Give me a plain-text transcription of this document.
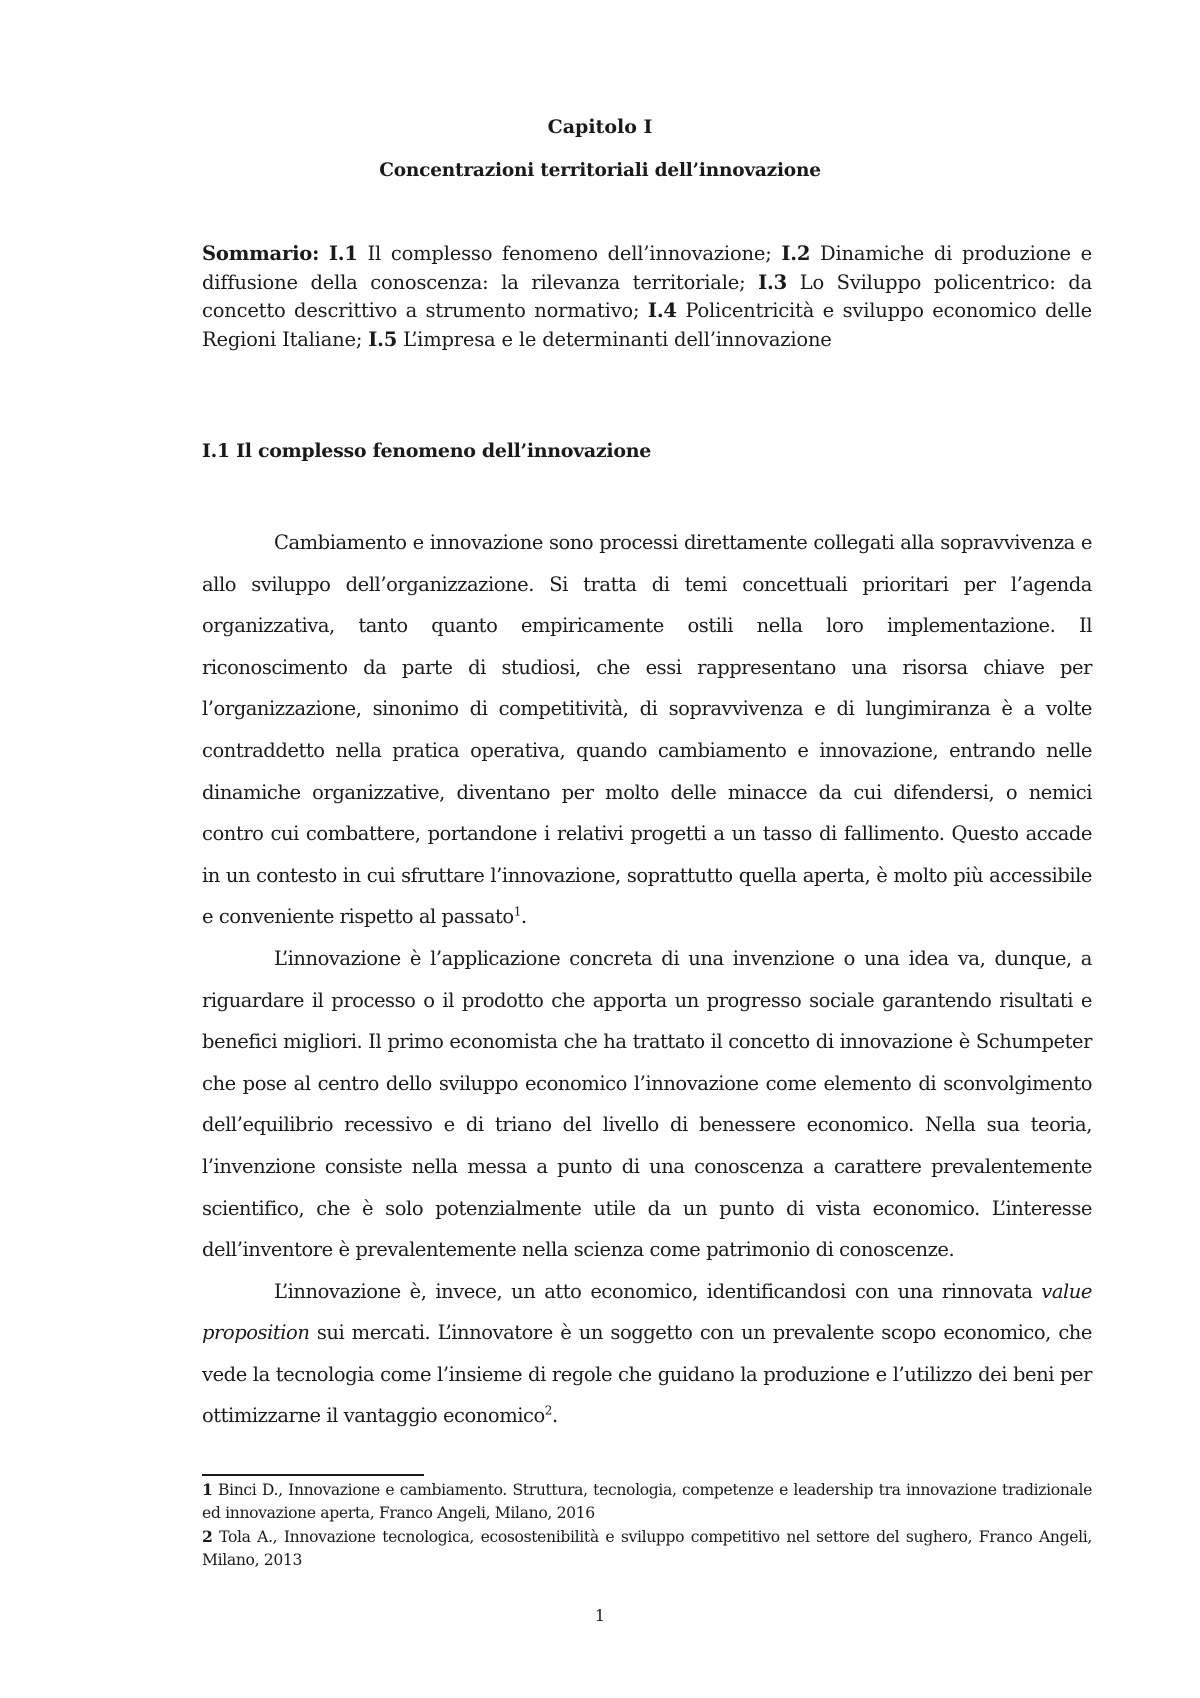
Capitolo I
Concentrazioni territoriali dell’innovazione
Sommario: I.1 Il complesso fenomeno dell’innovazione; I.2 Dinamiche di produzione e diffusione della conoscenza: la rilevanza territoriale; I.3 Lo Sviluppo policentrico: da concetto descrittivo a strumento normativo; I.4 Policentricità e sviluppo economico delle Regioni Italiane; I.5 L’impresa e le determinanti dell’innovazione
I.1 Il complesso fenomeno dell’innovazione

Cambiamento e innovazione sono processi direttamente collegati alla sopravvivenza e allo sviluppo dell’organizzazione. Si tratta di temi concettuali prioritari per l’agenda organizzativa, tanto quanto empiricamente ostili nella loro implementazione. Il riconoscimento da parte di studiosi, che essi rappresentano una risorsa chiave per l’organizzazione, sinonimo di competitività, di sopravvivenza e di lungimiranza è a volte contraddetto nella pratica operativa, quando cambiamento e innovazione, entrando nelle dinamiche organizzative, diventano per molto delle minacce da cui difendersi, o nemici contro cui combattere, portandone i relativi progetti a un tasso di fallimento. Questo accade in un contesto in cui sfruttare l’innovazione, soprattutto quella aperta, è molto più accessibile e conveniente rispetto al passato$^1$.

L’innovazione è l’applicazione concreta di una invenzione o una idea va, dunque, a riguardare il processo o il prodotto che apporta un progresso sociale garantendo risultati e benefici migliori. Il primo economista che ha trattato il concetto di innovazione è Schumpeter che pose al centro dello sviluppo economico l’innovazione come elemento di sconvolgimento dell’equilibrio recessivo e di triano del livello di benessere economico. Nella sua teoria, l’invenzione consiste nella messa a punto di una conoscenza a carattere prevalentemente scientifico, che è solo potenzialmente utile da un punto di vista economico. L’interesse dell’inventore è prevalentemente nella scienza come patrimonio di conoscenze.

L’innovazione è, invece, un atto economico, identificandosi con una rinnovata value proposition sui mercati. L’innovatore è un soggetto con un prevalente scopo economico, che vede la tecnologia come l’insieme di regole che guidano la produzione e l’utilizzo dei beni per ottimizzarne il vantaggio economico$^2$.

1 Binci D., Innovazione e cambiamento. Struttura, tecnologia, competenze e leadership tra innovazione tradizionale ed innovazione aperta, Franco Angeli, Milano, 2016

2 Tola A., Innovazione tecnologica, ecosostenibilità e sviluppo competitivo nel settore del sughero, Franco Angeli, Milano, 2013

1
